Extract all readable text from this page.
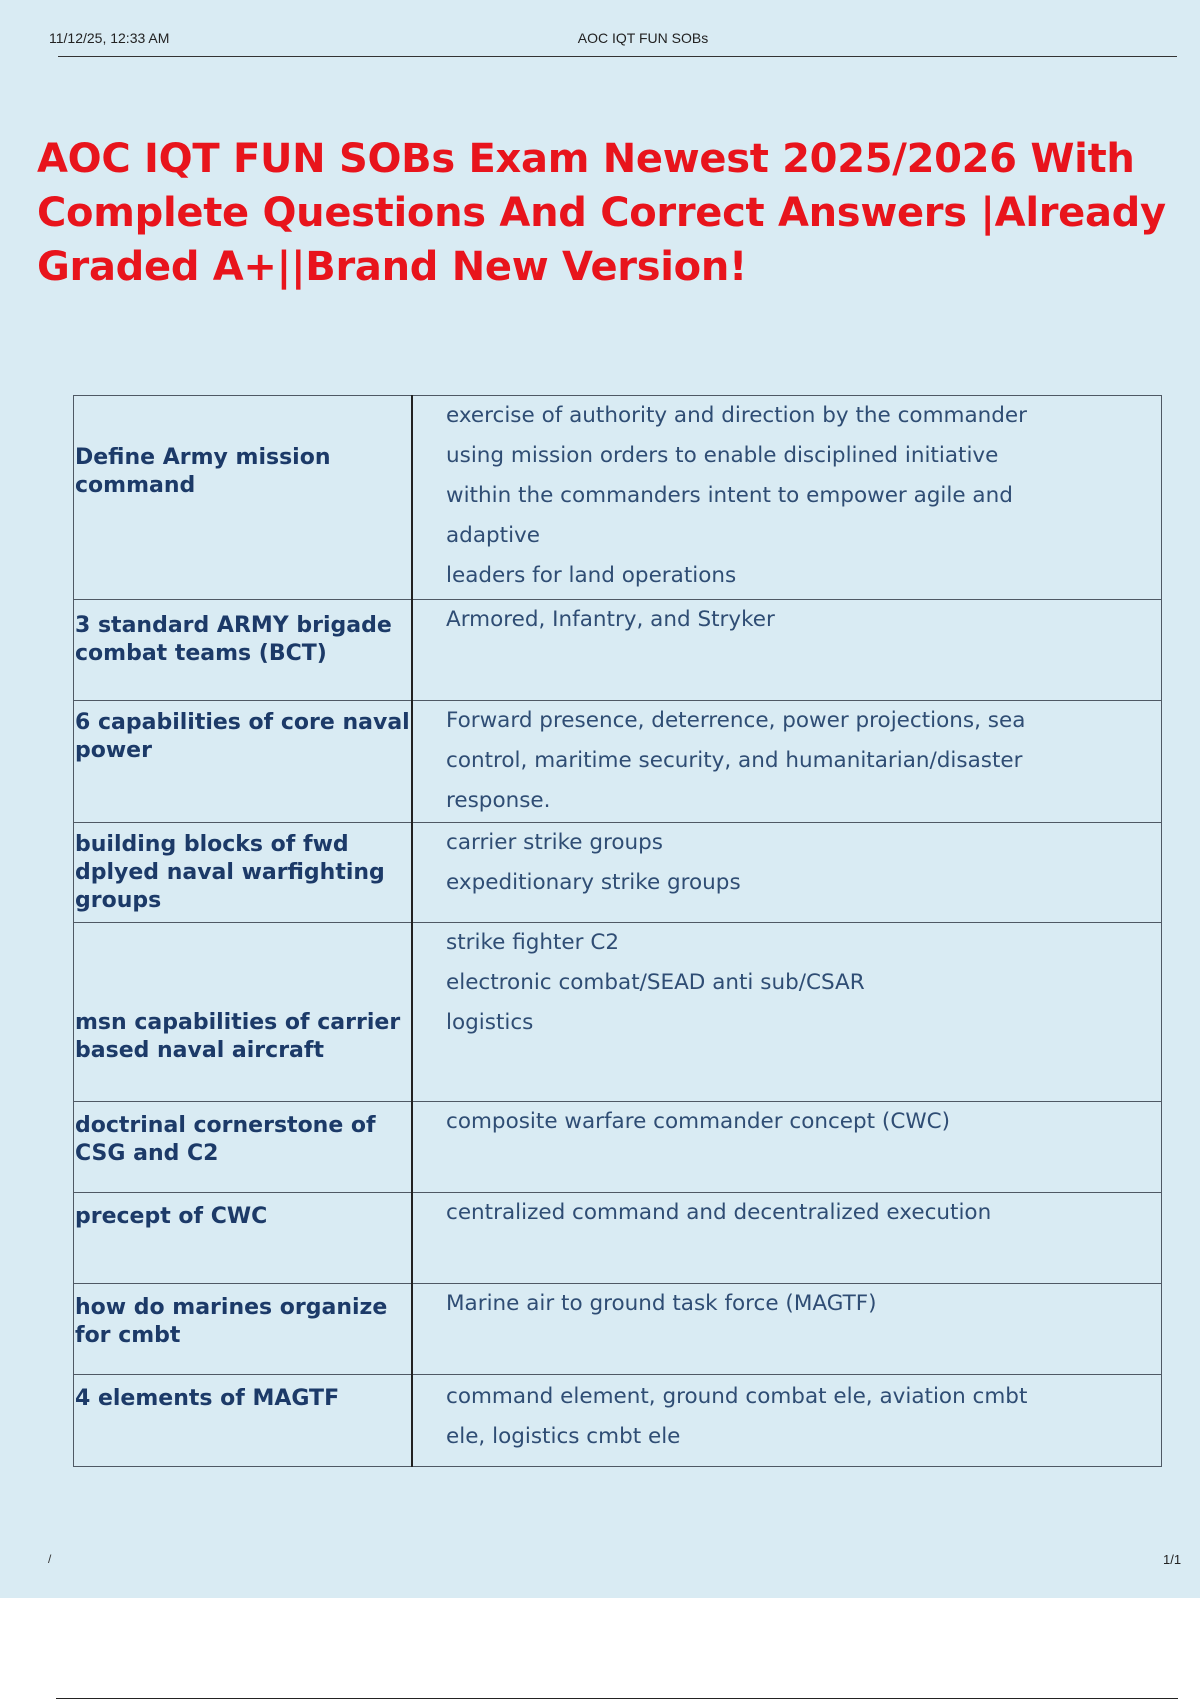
11/12/25, 12:33 AM	AOC IQT FUN SOBs
AOC IQT FUN SOBs Exam Newest 2025/2026 With Complete Questions And Correct Answers |Already Graded A+||Brand New Version!
Define Army mission command	exercise of authority and direction by the commander
using mission orders to enable disciplined initiative
within the commanders intent to empower agile and
adaptive
leaders for land operations

3 standard ARMY brigade combat teams (BCT)	Armored, Infantry, and Stryker

6 capabilities of core naval power	Forward presence, deterrence, power projections, sea
control, maritime security, and humanitarian/disaster
response.

building blocks of fwd dplyed naval warfighting groups	carrier strike groups
expeditionary strike groups

msn capabilities of carrier based naval aircraft	strike fighter C2
electronic combat/SEAD anti sub/CSAR
logistics

doctrinal cornerstone of CSG and C2	composite warfare commander concept (CWC)

precept of CWC	centralized command and decentralized execution

how do marines organize for cmbt	Marine air to ground task force (MAGTF)

4 elements of MAGTF	command element, ground combat ele, aviation cmbt
ele, logistics cmbt ele
/	1/1
